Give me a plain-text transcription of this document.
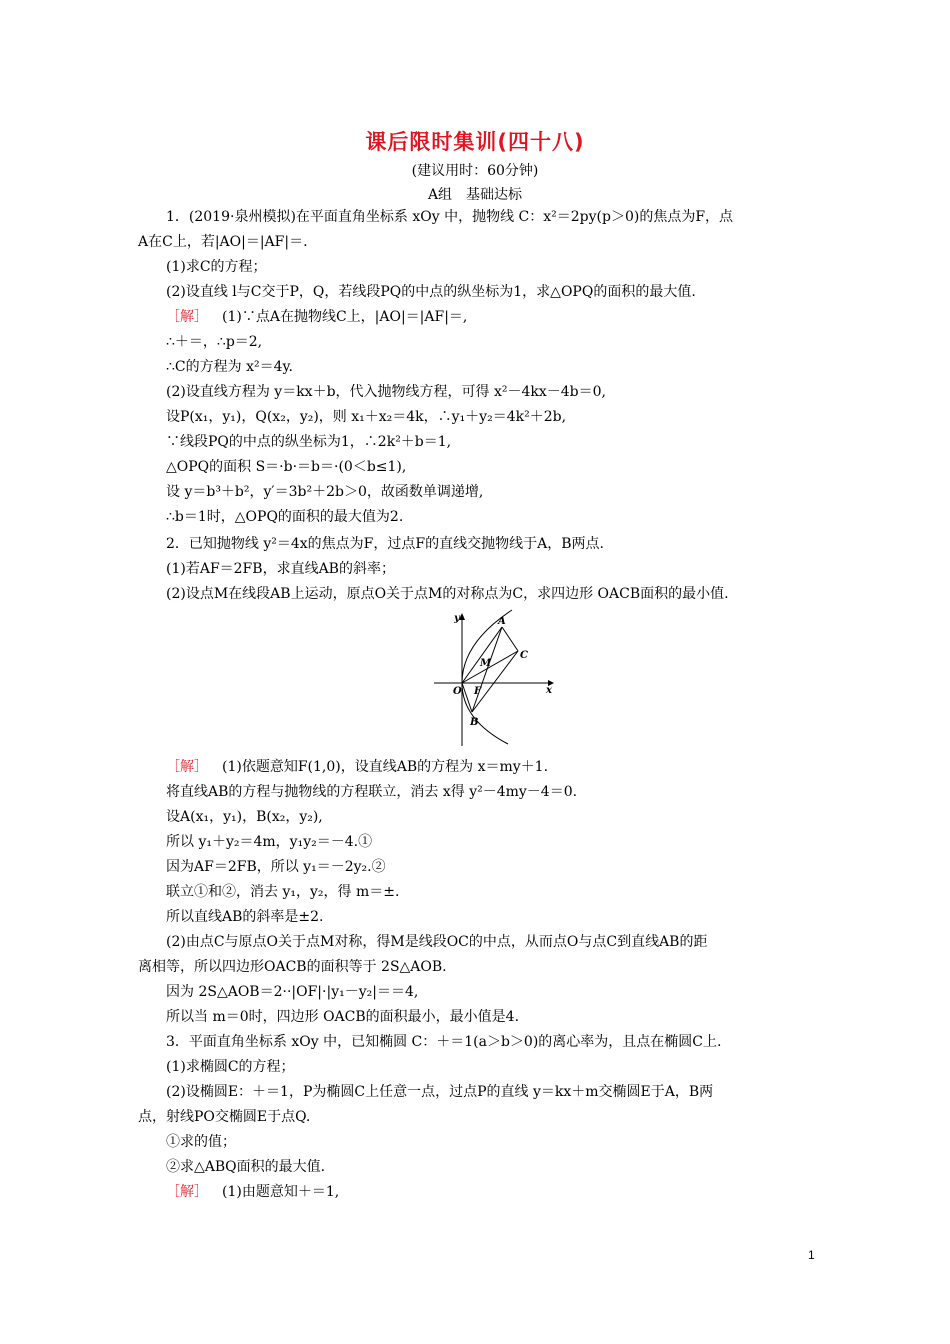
课后限时集训(四十八)
(建议用时：60分钟)
A组　基础达标
1．(2019·泉州模拟)在平面直角坐标系 xOy 中，抛物线 C：x²＝2py(p＞0)的焦点为F，点
A在C上，若|AO|＝|AF|＝.
(1)求C的方程；
(2)设直线 l与C交于P，Q，若线段PQ的中点的纵坐标为1，求△OPQ的面积的最大值.
［解］ (1)∵点A在抛物线C上，|AO|＝|AF|＝,
∴＋＝，∴p＝2,
∴C的方程为 x²＝4y.
(2)设直线方程为 y＝kx＋b，代入抛物线方程，可得 x²－4kx－4b＝0,
设P(x₁，y₁)，Q(x₂，y₂)，则 x₁＋x₂＝4k，∴y₁＋y₂＝4k²＋2b,
∵线段PQ的中点的纵坐标为1，∴2k²＋b＝1,
△OPQ的面积 S＝·b·＝b＝·(0＜b≤1),
设 y＝b³＋b²，y′＝3b²＋2b＞0，故函数单调递增,
∴b＝1时，△OPQ的面积的最大值为2.
2．已知抛物线 y²＝4x的焦点为F，过点F的直线交抛物线于A，B两点.
(1)若AF＝2FB，求直线AB的斜率；
(2)设点M在线段AB上运动，原点O关于点M的对称点为C，求四边形 OACB面积的最小值.
y
x
O F
A
B
C
M
［解］ (1)依题意知F(1,0)，设直线AB的方程为 x＝my＋1.
将直线AB的方程与抛物线的方程联立，消去 x得 y²－4my－4＝0.
设A(x₁，y₁)，B(x₂，y₂),
所以 y₁＋y₂＝4m，y₁y₂＝－4.①
因为AF＝2FB，所以 y₁＝－2y₂.②
联立①和②，消去 y₁，y₂，得 m＝±.
所以直线AB的斜率是±2.
(2)由点C与原点O关于点M对称，得M是线段OC的中点，从而点O与点C到直线AB的距
离相等，所以四边形OACB的面积等于 2S△AOB.
因为 2S△AOB＝2··|OF|·|y₁－y₂|＝＝4,
所以当 m＝0时，四边形 OACB的面积最小，最小值是4.
3．平面直角坐标系 xOy 中，已知椭圆 C：＋＝1(a＞b＞0)的离心率为，且点在椭圆C上.
(1)求椭圆C的方程；
(2)设椭圆E：＋＝1，P为椭圆C上任意一点，过点P的直线 y＝kx＋m交椭圆E于A，B两
点，射线PO交椭圆E于点Q.
①求的值；
②求△ABQ面积的最大值.
［解］ (1)由题意知＋＝1,
1
